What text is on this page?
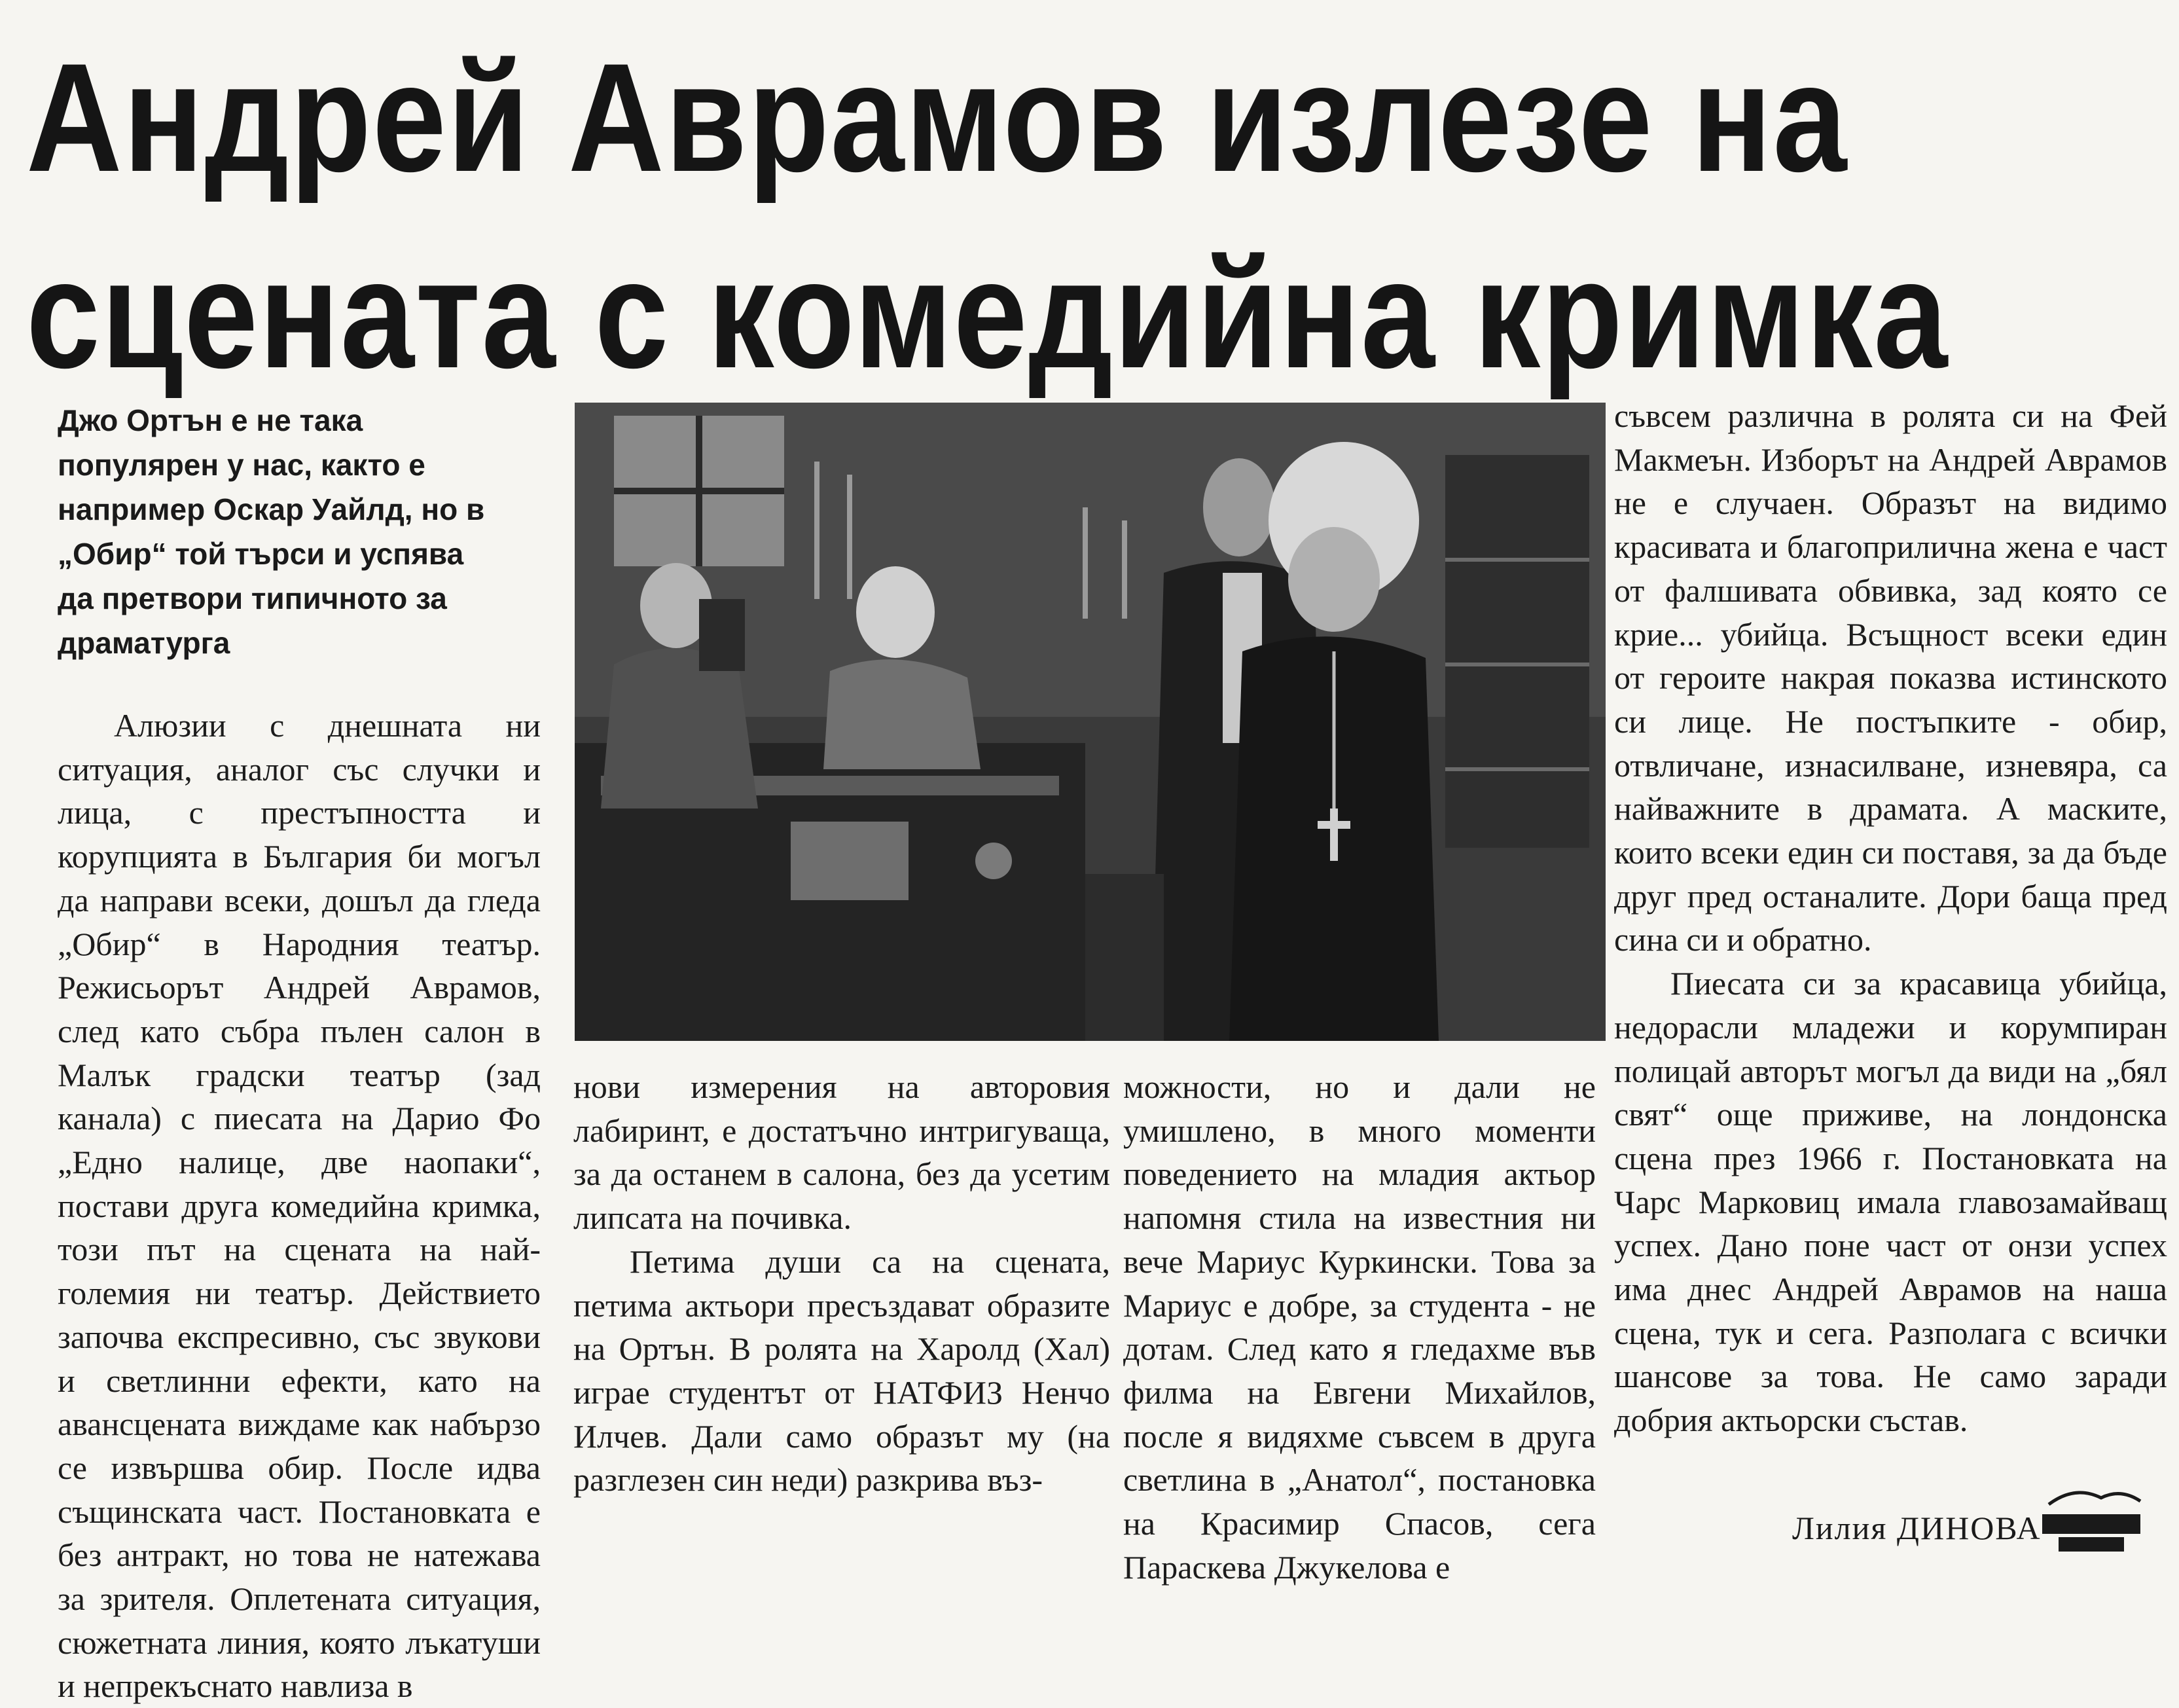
Андрей Аврамов излезе на
сцената с комедийна кримка
Джо Ортън е не така
популярен у нас, както е
например Оскар Уайлд, но в
„Обир“ той търси и успява
да претвори типичното за
драматурга

Алюзии с днешната ни ситуация, аналог със случки и лица, с престъпността и корупцията в България би могъл да направи всеки, дошъл да гледа „Обир“ в Народния театър. Режисьорът Андрей Аврамов, след като събра пълен салон в Малък градски театър (зад канала) с пиесата на Дарио Фо „Едно налице, две наопаки“, постави друга комедийна кримка, този път на сцената на най-големия ни театър. Действието започва експресивно, със звукови и светлинни ефекти, като на авансцената виждаме как набързо се извършва обир. После идва същинската част. Постановката е без антракт, но това не натежава за зрителя. Оплетената ситуация, сюжетната линия, която лъкатуши и непрекъснато навлиза в

нови измерения на авторовия лабиринт, е достатъчно интригуваща, за да останем в салона, без да усетим липсата на почивка.

Петима души са на сцената, петима актьори пресъздават образите на Ортън. В ролята на Харолд (Хал) играе студентът от НАТФИЗ Ненчо Илчев. Дали само образът му (на разглезен син неди) разкрива въз-

можности, но и дали не умишлено, в много моменти поведението на младия актьор напомня стила на известния ни вече Мариус Куркински. Това за Мариус е добре, за студента - не дотам. След като я гледахме във филма на Евгени Михайлов, после я видяхме съвсем в друга светлина в „Анатол“, постановка на Красимир Спасов, сега Параскева Джукелова е

съвсем различна в ролята си на Фей Макмеън. Изборът на Андрей Аврамов не е случаен. Образът на видимо красивата и благоприлична жена е част от фалшивата обвивка, зад която се крие... убийца. Всъщност всеки един от героите накрая показва истинското си лице. Не постъпките - обир, отвличане, изнасилване, изневяра, са найважните в драмата. А маските, които всеки един си поставя, за да бъде друг пред останалите. Дори баща пред сина си и обратно.

Пиесата си за красавица убийца, недорасли младежи и корумпиран полицай авторът могъл да види на „бял свят“ още приживе, на лондонска сцена през 1966 г. Постановката на Чарс Марковиц имала главозамайващ успех. Дано поне част от онзи успех има днес Андрей Аврамов на наша сцена, тук и сега. Разполага с всички шансове за това. Не само заради добрия актьорски състав.

Лилия ДИНОВА
